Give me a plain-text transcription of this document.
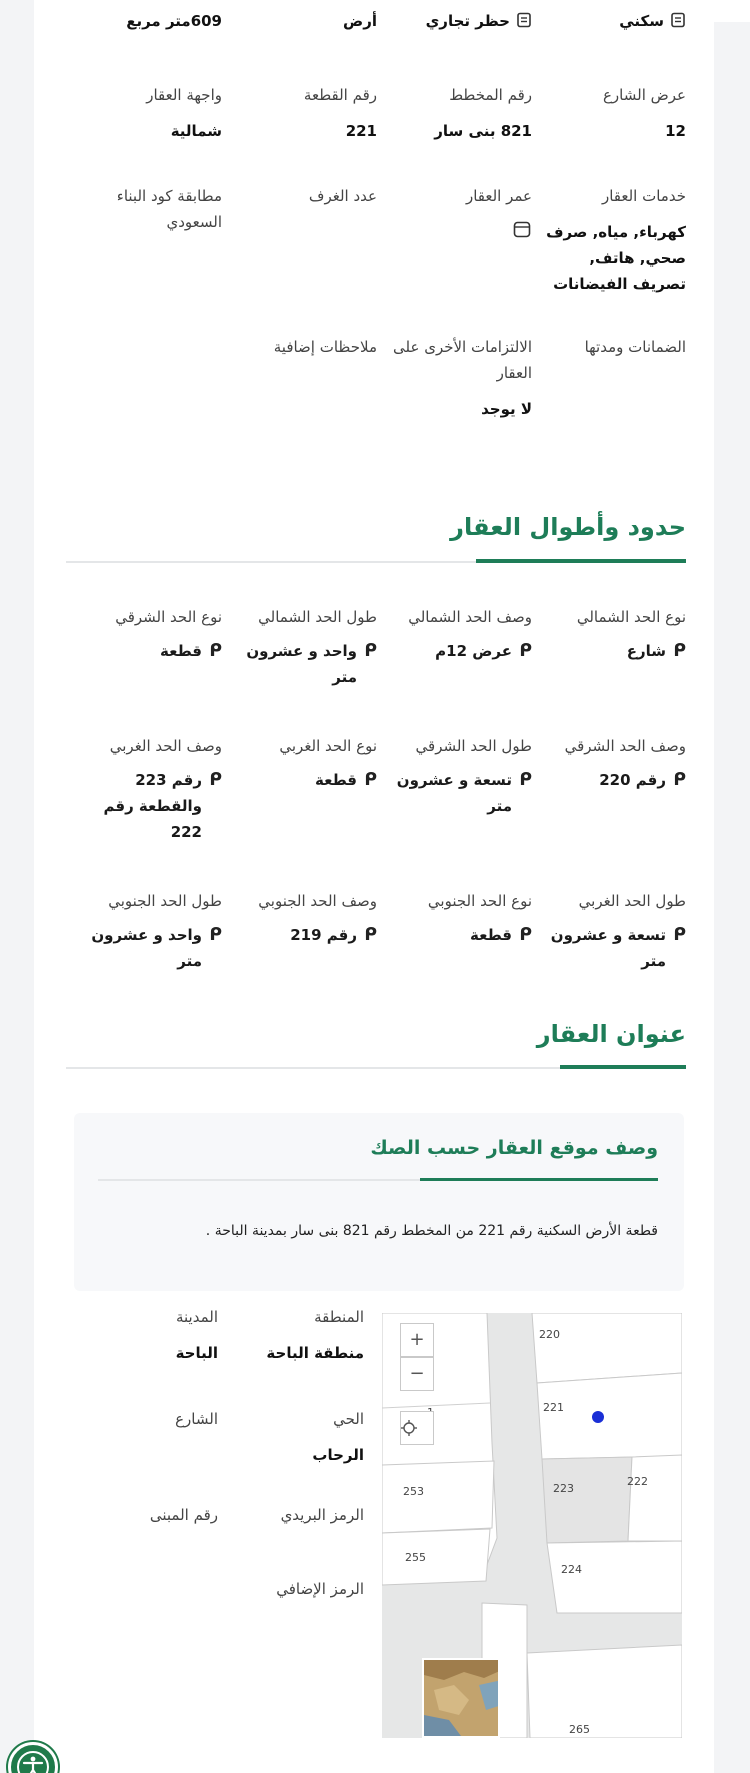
سكني
حظر تجاري
أرض
609متر مربع
عرض الشارع
12
رقم المخطط
821 بنى سار
رقم القطعة
221
واجهة العقار
شمالية
خدمات العقار
كهرباء, مياه, صرف صحي, هاتف, تصريف الفيضانات
عمر العقار
عدد الغرف
مطابقة كود البناء السعودي
الضمانات ومدتها
الالتزامات الأخرى على العقار
لا يوجد
ملاحظات إضافية
حدود وأطوال العقار
نوع الحد الشمالي
ᑭ
شارع
وصف الحد الشمالي
ᑭ
عرض 12م
طول الحد الشمالي
ᑭ
واحد و عشرون متر
نوع الحد الشرقي
ᑭ
قطعة
وصف الحد الشرقي
ᑭ
رقم 220
طول الحد الشرقي
ᑭ
تسعة و عشرون متر
نوع الحد الغربي
ᑭ
قطعة
وصف الحد الغربي
ᑭ
رقم 223 والقطعة رقم 222
طول الحد الغربي
ᑭ
تسعة و عشرون متر
نوع الحد الجنوبي
ᑭ
قطعة
وصف الحد الجنوبي
ᑭ
رقم 219
طول الحد الجنوبي
ᑭ
واحد و عشرون متر
عنوان العقار
وصف موقع العقار حسب الصك
قطعة الأرض السكنية رقم 221 من المخطط رقم 821 بنى سار بمدينة الباحة .
المنطقة
منطقة الباحة
المدينة
الباحة
الحي
الرحاب
الشارع
الرمز البريدي
رقم المبنى
الرمز الإضافي
220
221
222
223
224
253
255
265
+
−
